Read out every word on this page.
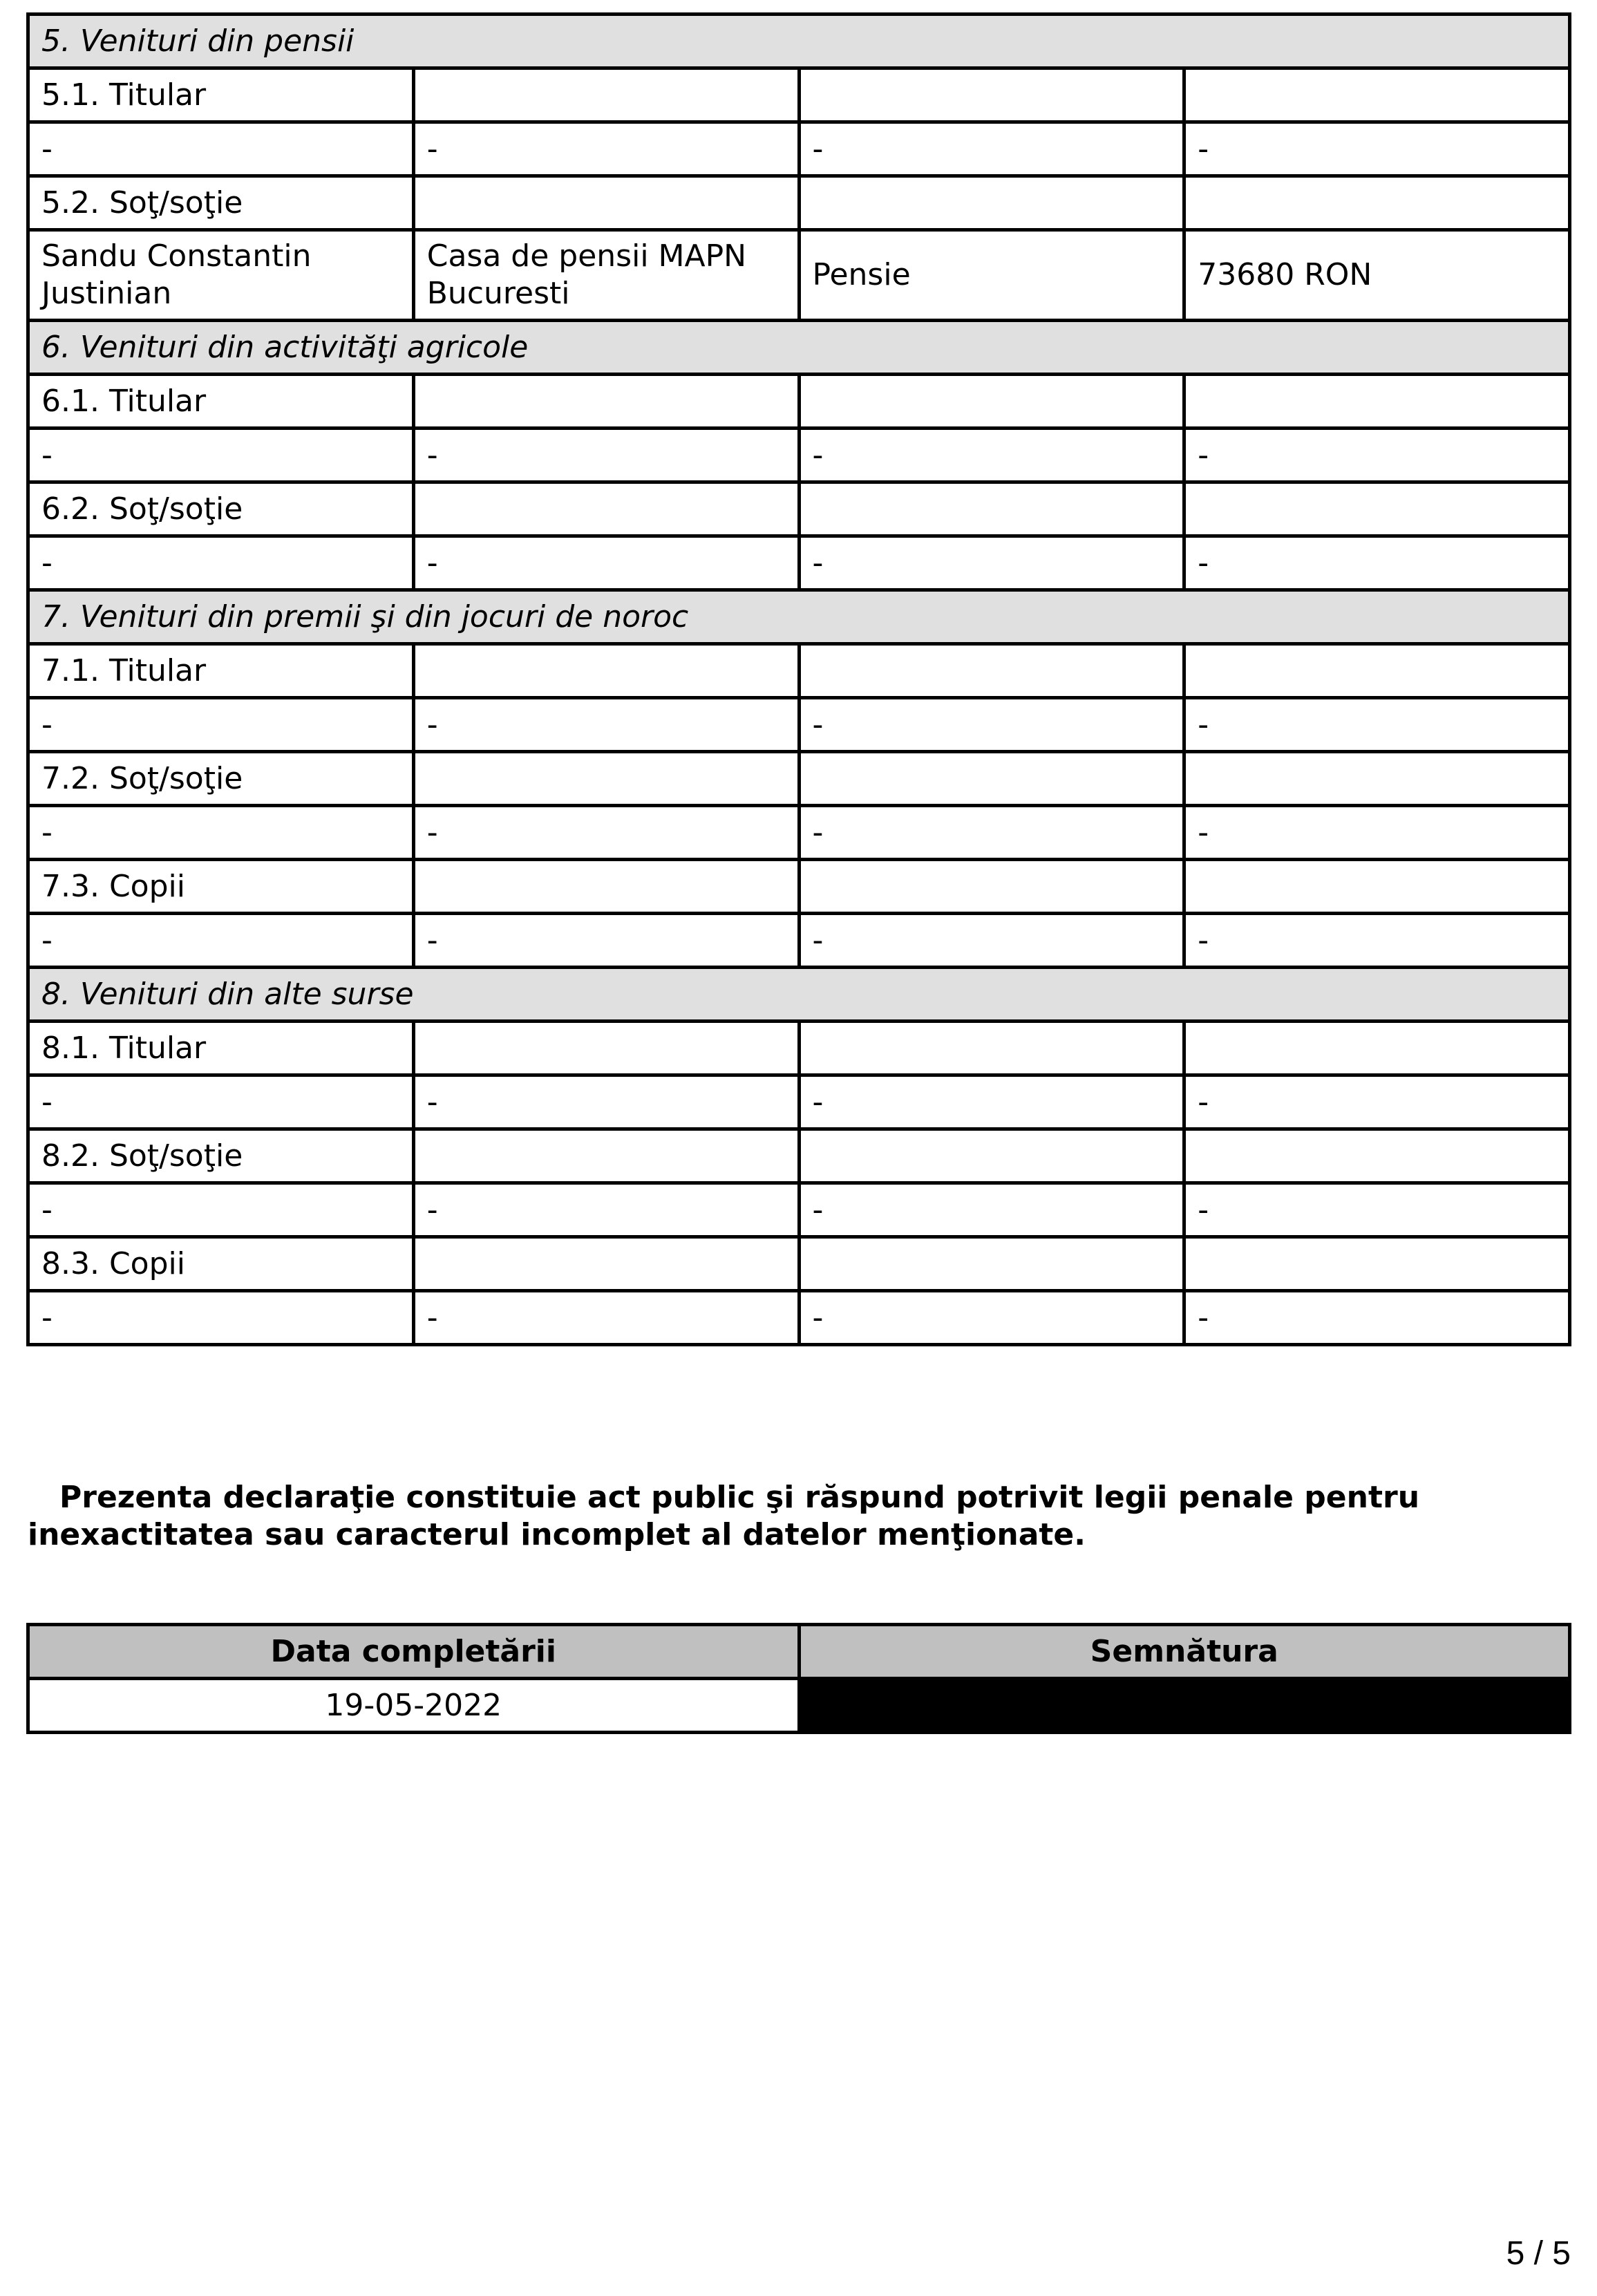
5. Venituri din pensii			
5.1. Titular			
-	-	-	-
5.2. Soţ/soţie			
Sandu Constantin Justinian	Casa de pensii MAPN Bucuresti	Pensie	73680 RON
6. Venituri din activităţi agricole			
6.1. Titular			
-	-	-	-
6.2. Soţ/soţie			
-	-	-	-
7. Venituri din premii şi din jocuri de noroc			
7.1. Titular			
-	-	-	-
7.2. Soţ/soţie			
-	-	-	-
7.3. Copii			
-	-	-	-
8. Venituri din alte surse			
8.1. Titular			
-	-	-	-
8.2. Soţ/soţie			
-	-	-	-
8.3. Copii			
-	-	-	-

Prezenta declaraţie constituie act public şi răspund potrivit legii penale pentru inexactitatea sau caracterul incomplet al datelor menţionate.

Data completării	Semnătura
19-05-2022	
5 / 5
